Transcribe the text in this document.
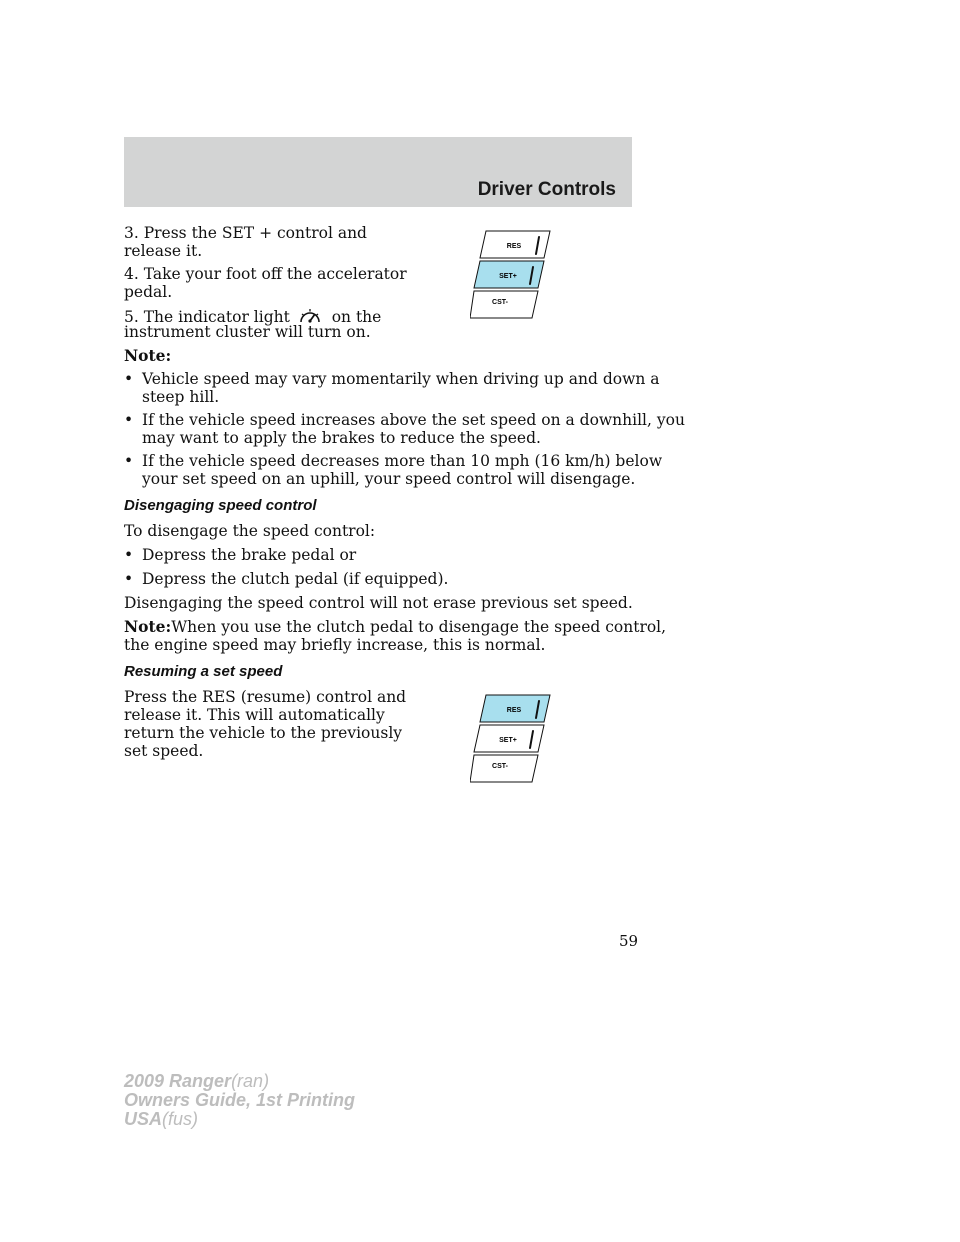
Driver Controls
3. Press the SET + control and
release it.
4. Take your foot off the accelerator
pedal.
5. The indicator light	on the
instrument cluster will turn on.
RES
SET+
CST-
Note:
• Vehicle speed may vary momentarily when driving up and down a
steep hill.
• If the vehicle speed increases above the set speed on a downhill, you
may want to apply the brakes to reduce the speed.
• If the vehicle speed decreases more than 10 mph (16 km/h) below
your set speed on an uphill, your speed control will disengage.
Disengaging speed control
To disengage the speed control:
• Depress the brake pedal or
• Depress the clutch pedal (if equipped).
Disengaging the speed control will not erase previous set speed.
Note:When you use the clutch pedal to disengage the speed control,
the engine speed may briefly increase, this is normal.
Resuming a set speed
Press the RES (resume) control and
release it. This will automatically
return the vehicle to the previously
set speed.
RES
SET+
CST-
59
2009 Ranger(ran)
Owners Guide, 1st Printing
USA(fus)
